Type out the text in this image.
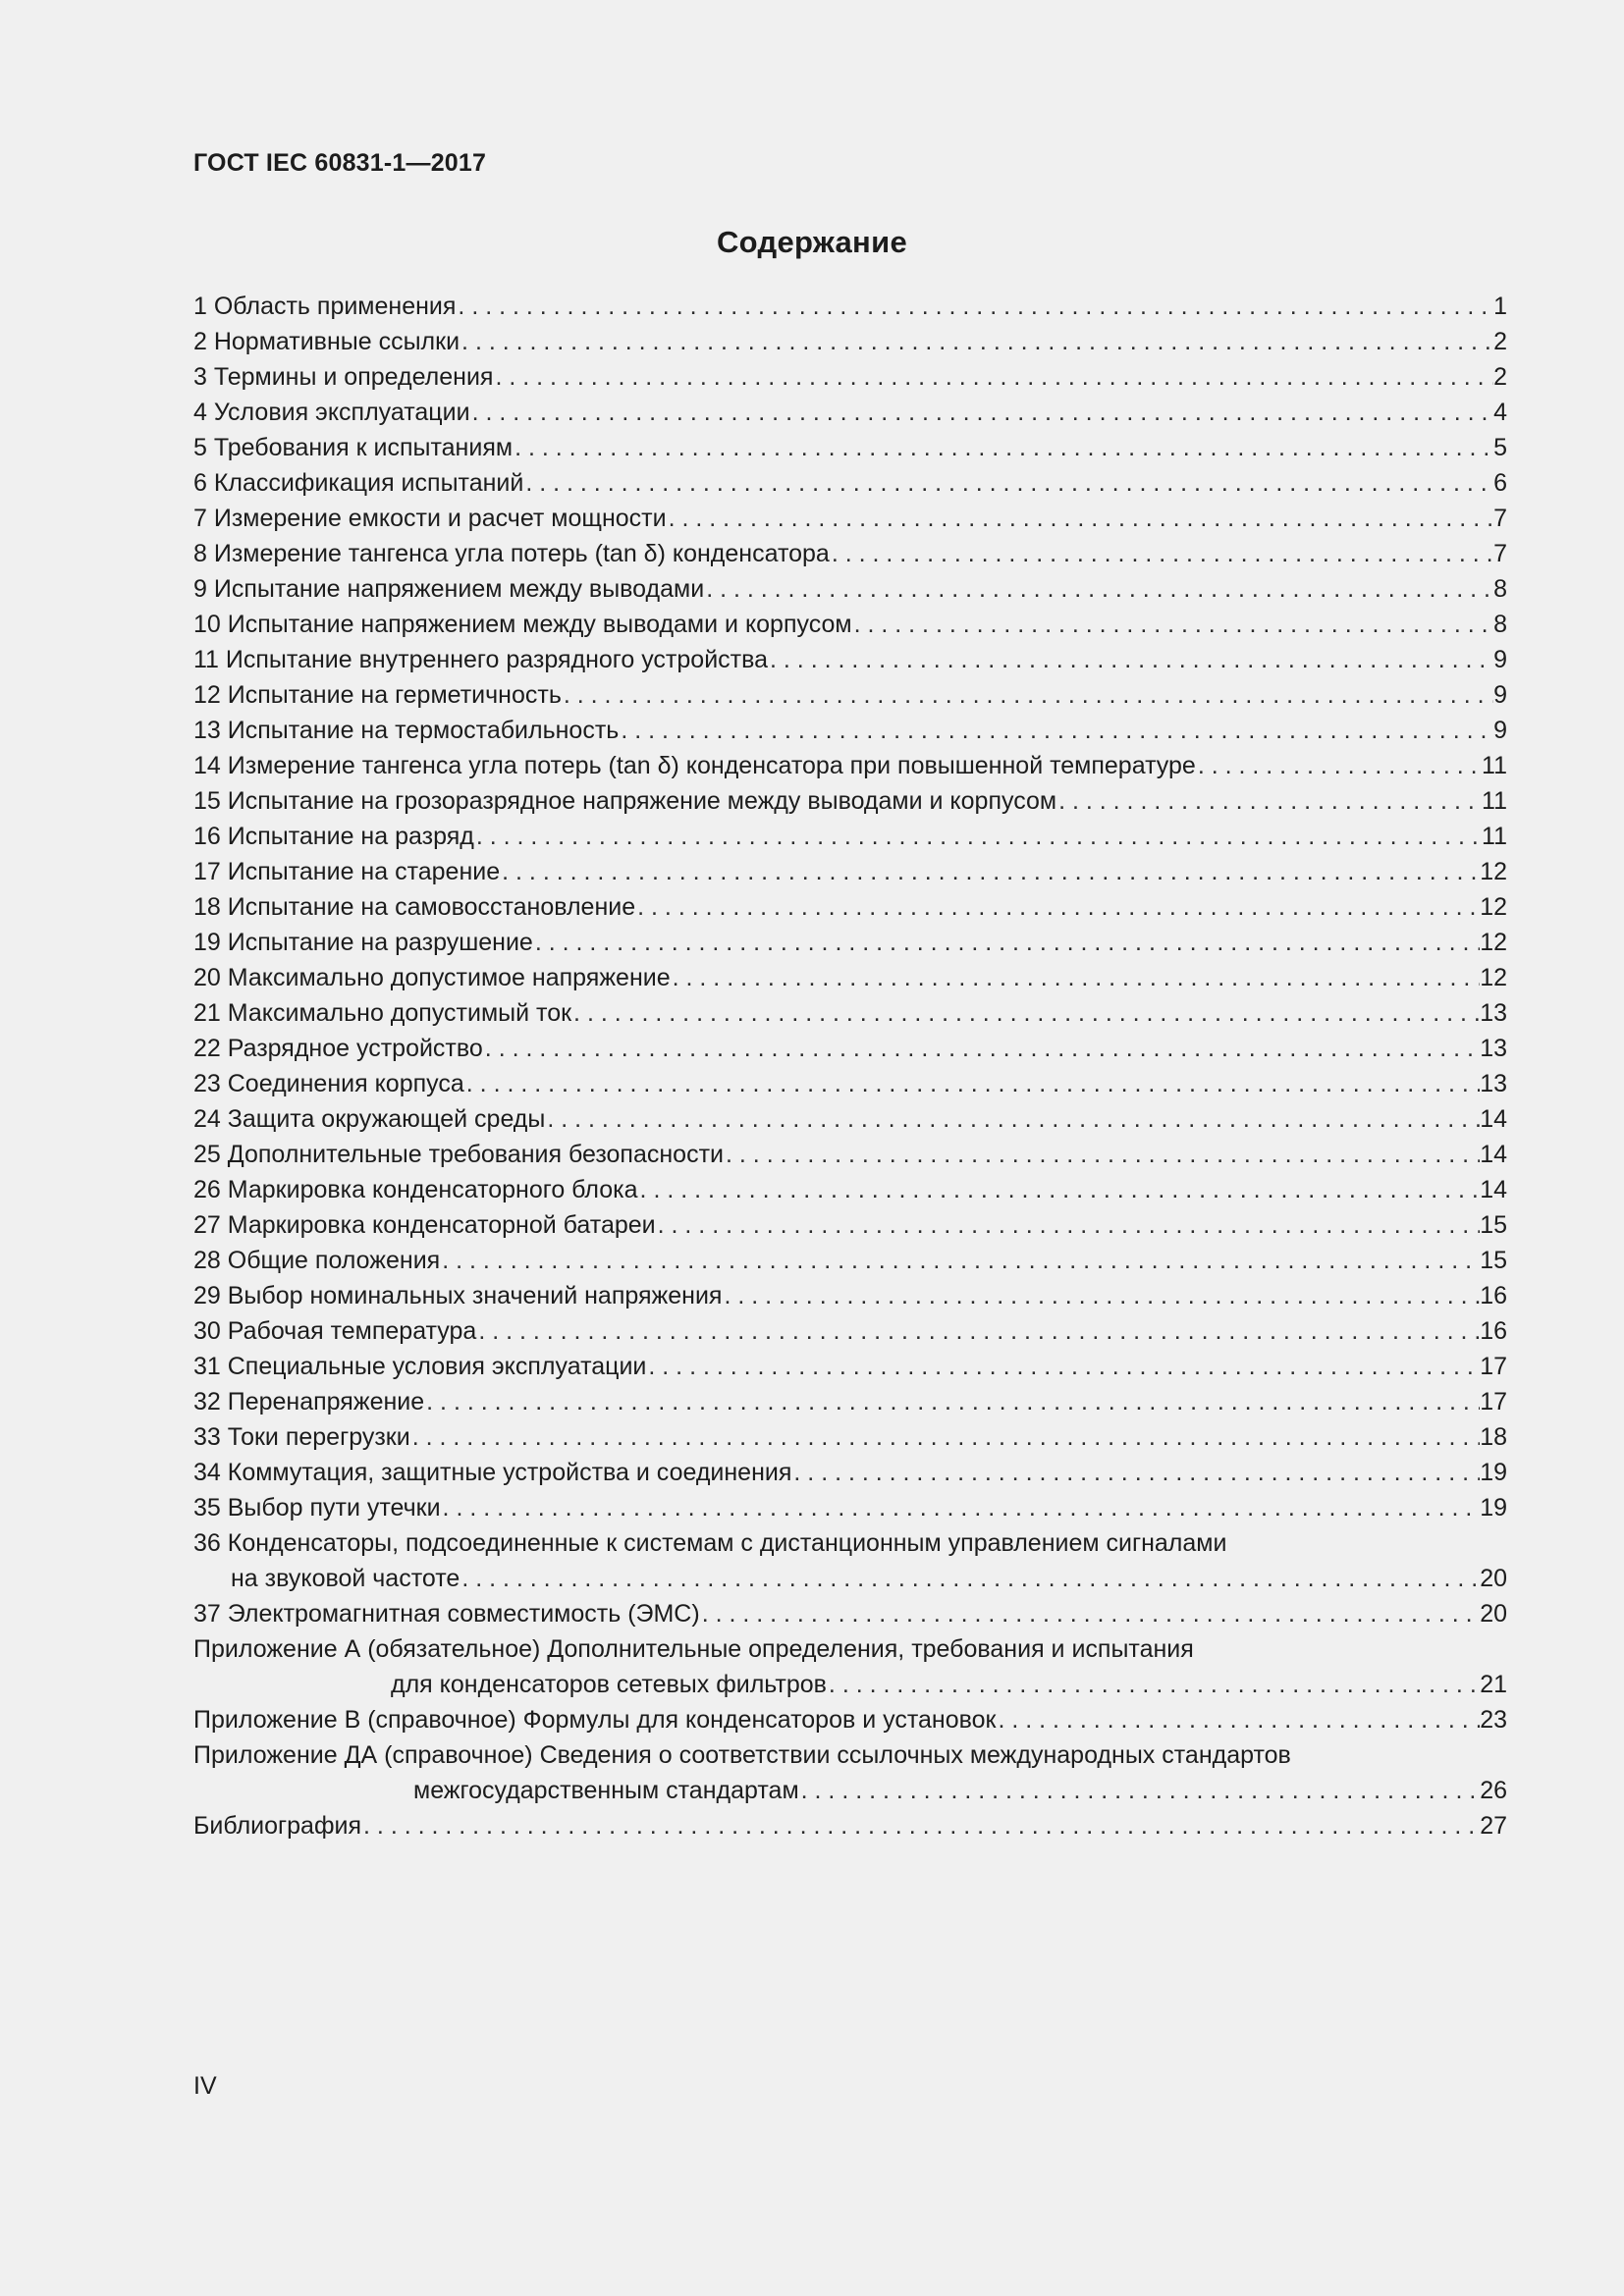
ГОСТ IEC 60831-1—2017
Содержание
1 Область применения . . .	1
2 Нормативные ссылки . . .	2
3 Термины и определения . . .	2
4 Условия эксплуатации . . .	4
5 Требования к испытаниям . . .	5
6 Классификация испытаний . . .	6
7 Измерение емкости и расчет мощности . . .	7
8 Измерение тангенса угла потерь (tan δ) конденсатора . . .	7
9 Испытание напряжением между выводами . . .	8
10 Испытание напряжением между выводами и корпусом . . .	8
11 Испытание внутреннего разрядного устройства . . .	9
12 Испытание на герметичность . . .	9
13 Испытание на термостабильность . . .	9
14 Измерение тангенса угла потерь (tan δ) конденсатора при повышенной температуре . . .	11
15 Испытание на грозоразрядное напряжение между выводами и корпусом . . .	11
16 Испытание на разряд . . .	11
17 Испытание на старение . . .	12
18 Испытание на самовосстановление . . .	12
19 Испытание на разрушение . . .	12
20 Максимально допустимое напряжение . . .	12
21 Максимально допустимый ток . . .	13
22 Разрядное устройство . . .	13
23 Соединения корпуса . . .	13
24 Защита окружающей среды . . .	14
25 Дополнительные требования безопасности . . .	14
26 Маркировка конденсаторного блока . . .	14
27 Маркировка конденсаторной батареи . . .	15
28 Общие положения . . .	15
29 Выбор номинальных значений напряжения . . .	16
30 Рабочая температура . . .	16
31 Специальные условия эксплуатации . . .	17
32 Перенапряжение . . .	17
33 Токи перегрузки . . .	18
34 Коммутация, защитные устройства и соединения . . .	19
35 Выбор пути утечки . . .	19
36 Конденсаторы, подсоединенные к системам с дистанционным управлением сигналами
на звуковой частоте . . .	20
37 Электромагнитная совместимость (ЭМС) . . .	20
Приложение А (обязательное) Дополнительные определения, требования и испытания
для конденсаторов сетевых фильтров . . .	21
Приложение В (справочное) Формулы для конденсаторов и установок . . .	23
Приложение ДА (справочное) Сведения о соответствии ссылочных международных стандартов
межгосударственным стандартам . . .	26
Библиография . . .	27
IV
